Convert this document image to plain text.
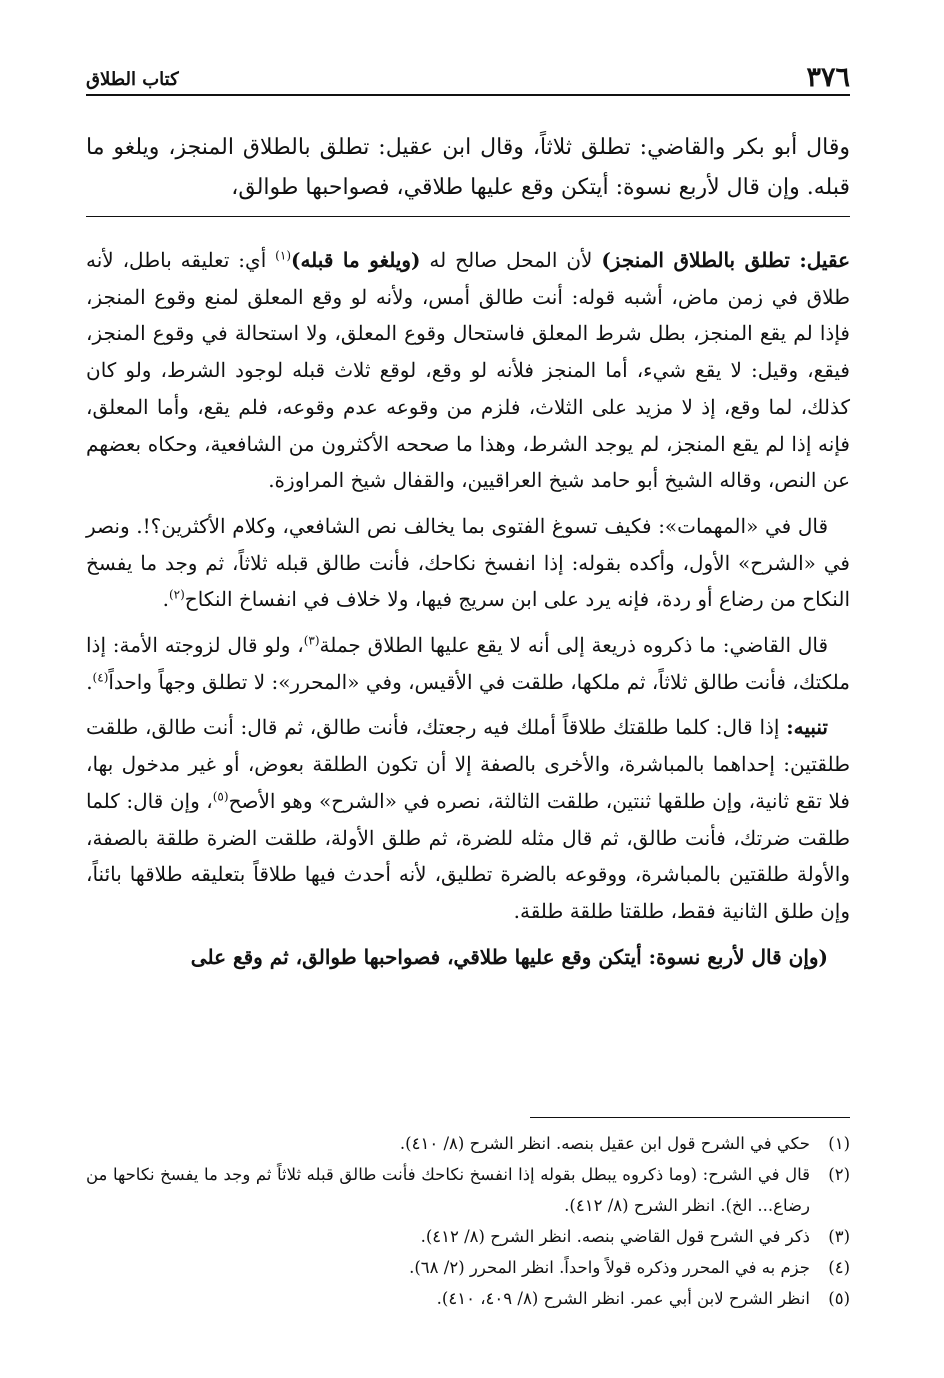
٣٧٦
كتاب الطلاق
وقال أبو بكر والقاضي: تطلق ثلاثاً، وقال ابن عقيل: تطلق بالطلاق المنجز، ويلغو ما قبله. وإن قال لأربع نسوة: أيتكن وقع عليها طلاقي، فصواحبها طوالق،

عقيل: تطلق بالطلاق المنجز) لأن المحل صالح له (ويلغو ما قبله)$^{(١)}$ أي: تعليقه باطل، لأنه طلاق في زمن ماض، أشبه قوله: أنت طالق أمس، ولأنه لو وقع المعلق لمنع وقوع المنجز، فإذا لم يقع المنجز، بطل شرط المعلق فاستحال وقوع المعلق، ولا استحالة في وقوع المنجز، فيقع، وقيل: لا يقع شيء، أما المنجز فلأنه لو وقع، لوقع ثلاث قبله لوجود الشرط، ولو كان كذلك، لما وقع، إذ لا مزيد على الثلاث، فلزم من وقوعه عدم وقوعه، فلم يقع، وأما المعلق، فإنه إذا لم يقع المنجز، لم يوجد الشرط، وهذا ما صححه الأكثرون من الشافعية، وحكاه بعضهم عن النص، وقاله الشيخ أبو حامد شيخ العراقيين، والقفال شيخ المراوزة.

قال في «المهمات»: فكيف تسوغ الفتوى بما يخالف نص الشافعي، وكلام الأكثرين؟!. ونصر في «الشرح» الأول، وأكده بقوله: إذا انفسخ نكاحك، فأنت طالق قبله ثلاثاً، ثم وجد ما يفسخ النكاح من رضاع أو ردة، فإنه يرد على ابن سريج فيها، ولا خلاف في انفساخ النكاح$^{(٢)}$.

قال القاضي: ما ذكروه ذريعة إلى أنه لا يقع عليها الطلاق جملة$^{(٣)}$، ولو قال لزوجته الأمة: إذا ملكتك، فأنت طالق ثلاثاً، ثم ملكها، طلقت في الأقيس، وفي «المحرر»: لا تطلق وجهاً واحداً$^{(٤)}$.

تنبيه: إذا قال: كلما طلقتك طلاقاً أملك فيه رجعتك، فأنت طالق، ثم قال: أنت طالق، طلقت طلقتين: إحداهما بالمباشرة، والأخرى بالصفة إلا أن تكون الطلقة بعوض، أو غير مدخول بها، فلا تقع ثانية، وإن طلقها ثنتين، طلقت الثالثة، نصره في «الشرح» وهو الأصح$^{(٥)}$، وإن قال: كلما طلقت ضرتك، فأنت طالق، ثم قال مثله للضرة، ثم طلق الأولة، طلقت الضرة طلقة بالصفة، والأولة طلقتين بالمباشرة، ووقوعه بالضرة تطليق، لأنه أحدث فيها طلاقاً بتعليقه طلاقها بائناً، وإن طلق الثانية فقط، طلقتا طلقة طلقة.

(وإن قال لأربع نسوة: أيتكن وقع عليها طلاقي، فصواحبها طوالق، ثم وقع على

(١)
حكي في الشرح قول ابن عقيل بنصه. انظر الشرح (٨/ ٤١٠).

(٢)
قال في الشرح: (وما ذكروه يبطل بقوله إذا انفسخ نكاحك فأنت طالق قبله ثلاثاً ثم وجد ما يفسخ نكاحها من رضاع... الخ). انظر الشرح (٨/ ٤١٢).

(٣)
ذكر في الشرح قول القاضي بنصه. انظر الشرح (٨/ ٤١٢).

(٤)
جزم به في المحرر وذكره قولاً واحداً. انظر المحرر (٢/ ٦٨).

(٥)
انظر الشرح لابن أبي عمر. انظر الشرح (٨/ ٤٠٩، ٤١٠).
